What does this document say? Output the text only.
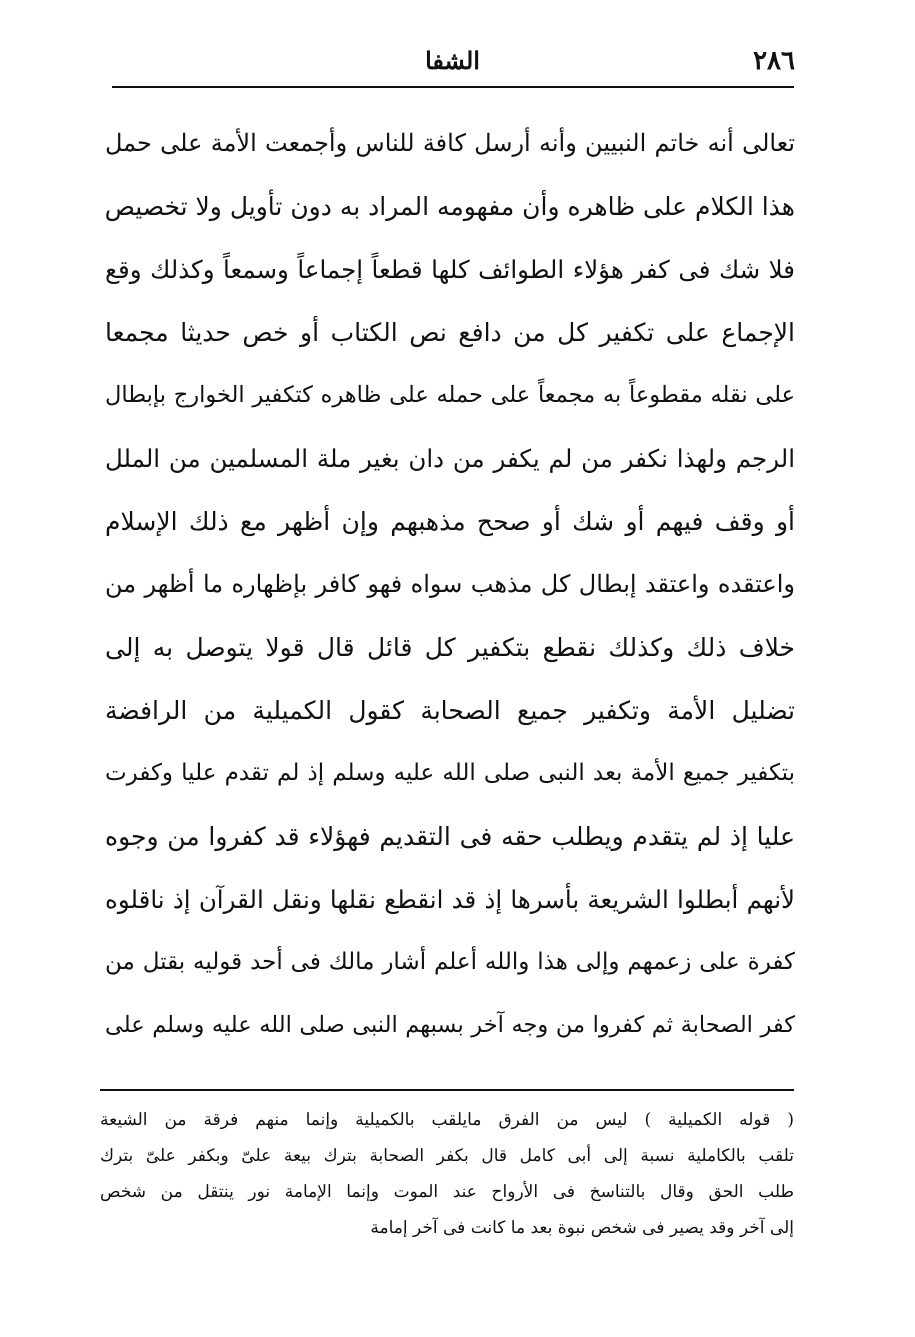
٢٨٦
الشفا
تعالى أنه خاتم النبيين وأنه أرسل كافة للناس وأجمعت الأمة على حمل
هذا الكلام على ظاهره وأن مفهومه المراد به دون تأويل ولا تخصيص
فلا شك فى كفر هؤلاء الطوائف كلها قطعاً إجماعاً وسمعاً وكذلك وقع
الإجماع على تكفير كل من دافع نص الكتاب أو خص حديثا مجمعا
على نقله مقطوعاً به مجمعاً على حمله على ظاهره كتكفير الخوارج بإبطال
الرجم ولهذا نكفر من لم يكفر من دان بغير ملة المسلمين من الملل
أو وقف فيهم أو شك أو صحح مذهبهم وإن أظهر مع ذلك الإسلام
واعتقده واعتقد إبطال كل مذهب سواه فهو كافر بإظهاره ما أظهر من
خلاف ذلك وكذلك نقطع بتكفير كل قائل قال قولا يتوصل به إلى
تضليل الأمة وتكفير جميع الصحابة كقول الكميلية من الرافضة
بتكفير جميع الأمة بعد النبى صلى الله عليه وسلم إذ لم تقدم عليا وكفرت
عليا إذ لم يتقدم ويطلب حقه فى التقديم فهؤلاء قد كفروا من وجوه
لأنهم أبطلوا الشريعة بأسرها إذ قد انقطع نقلها ونقل القرآن إذ ناقلوه
كفرة على زعمهم وإلى هذا والله أعلم أشار مالك فى أحد قوليه بقتل من
كفر الصحابة ثم كفروا من وجه آخر بسبهم النبى صلى الله عليه وسلم على
( قوله الكميلية ) ليس من الفرق مايلقب بالكميلية وإنما منهم فرقة من الشيعة
تلقب بالكاملية نسبة إلى أبى كامل قال بكفر الصحابة بترك بيعة علىّ وبكفر علىّ بترك
طلب الحق وقال بالتناسخ فى الأرواح عند الموت وإنما الإمامة نور ينتقل من شخص
إلى آخر وقد يصير فى شخص نبوة بعد ما كانت فى آخر إمامة
